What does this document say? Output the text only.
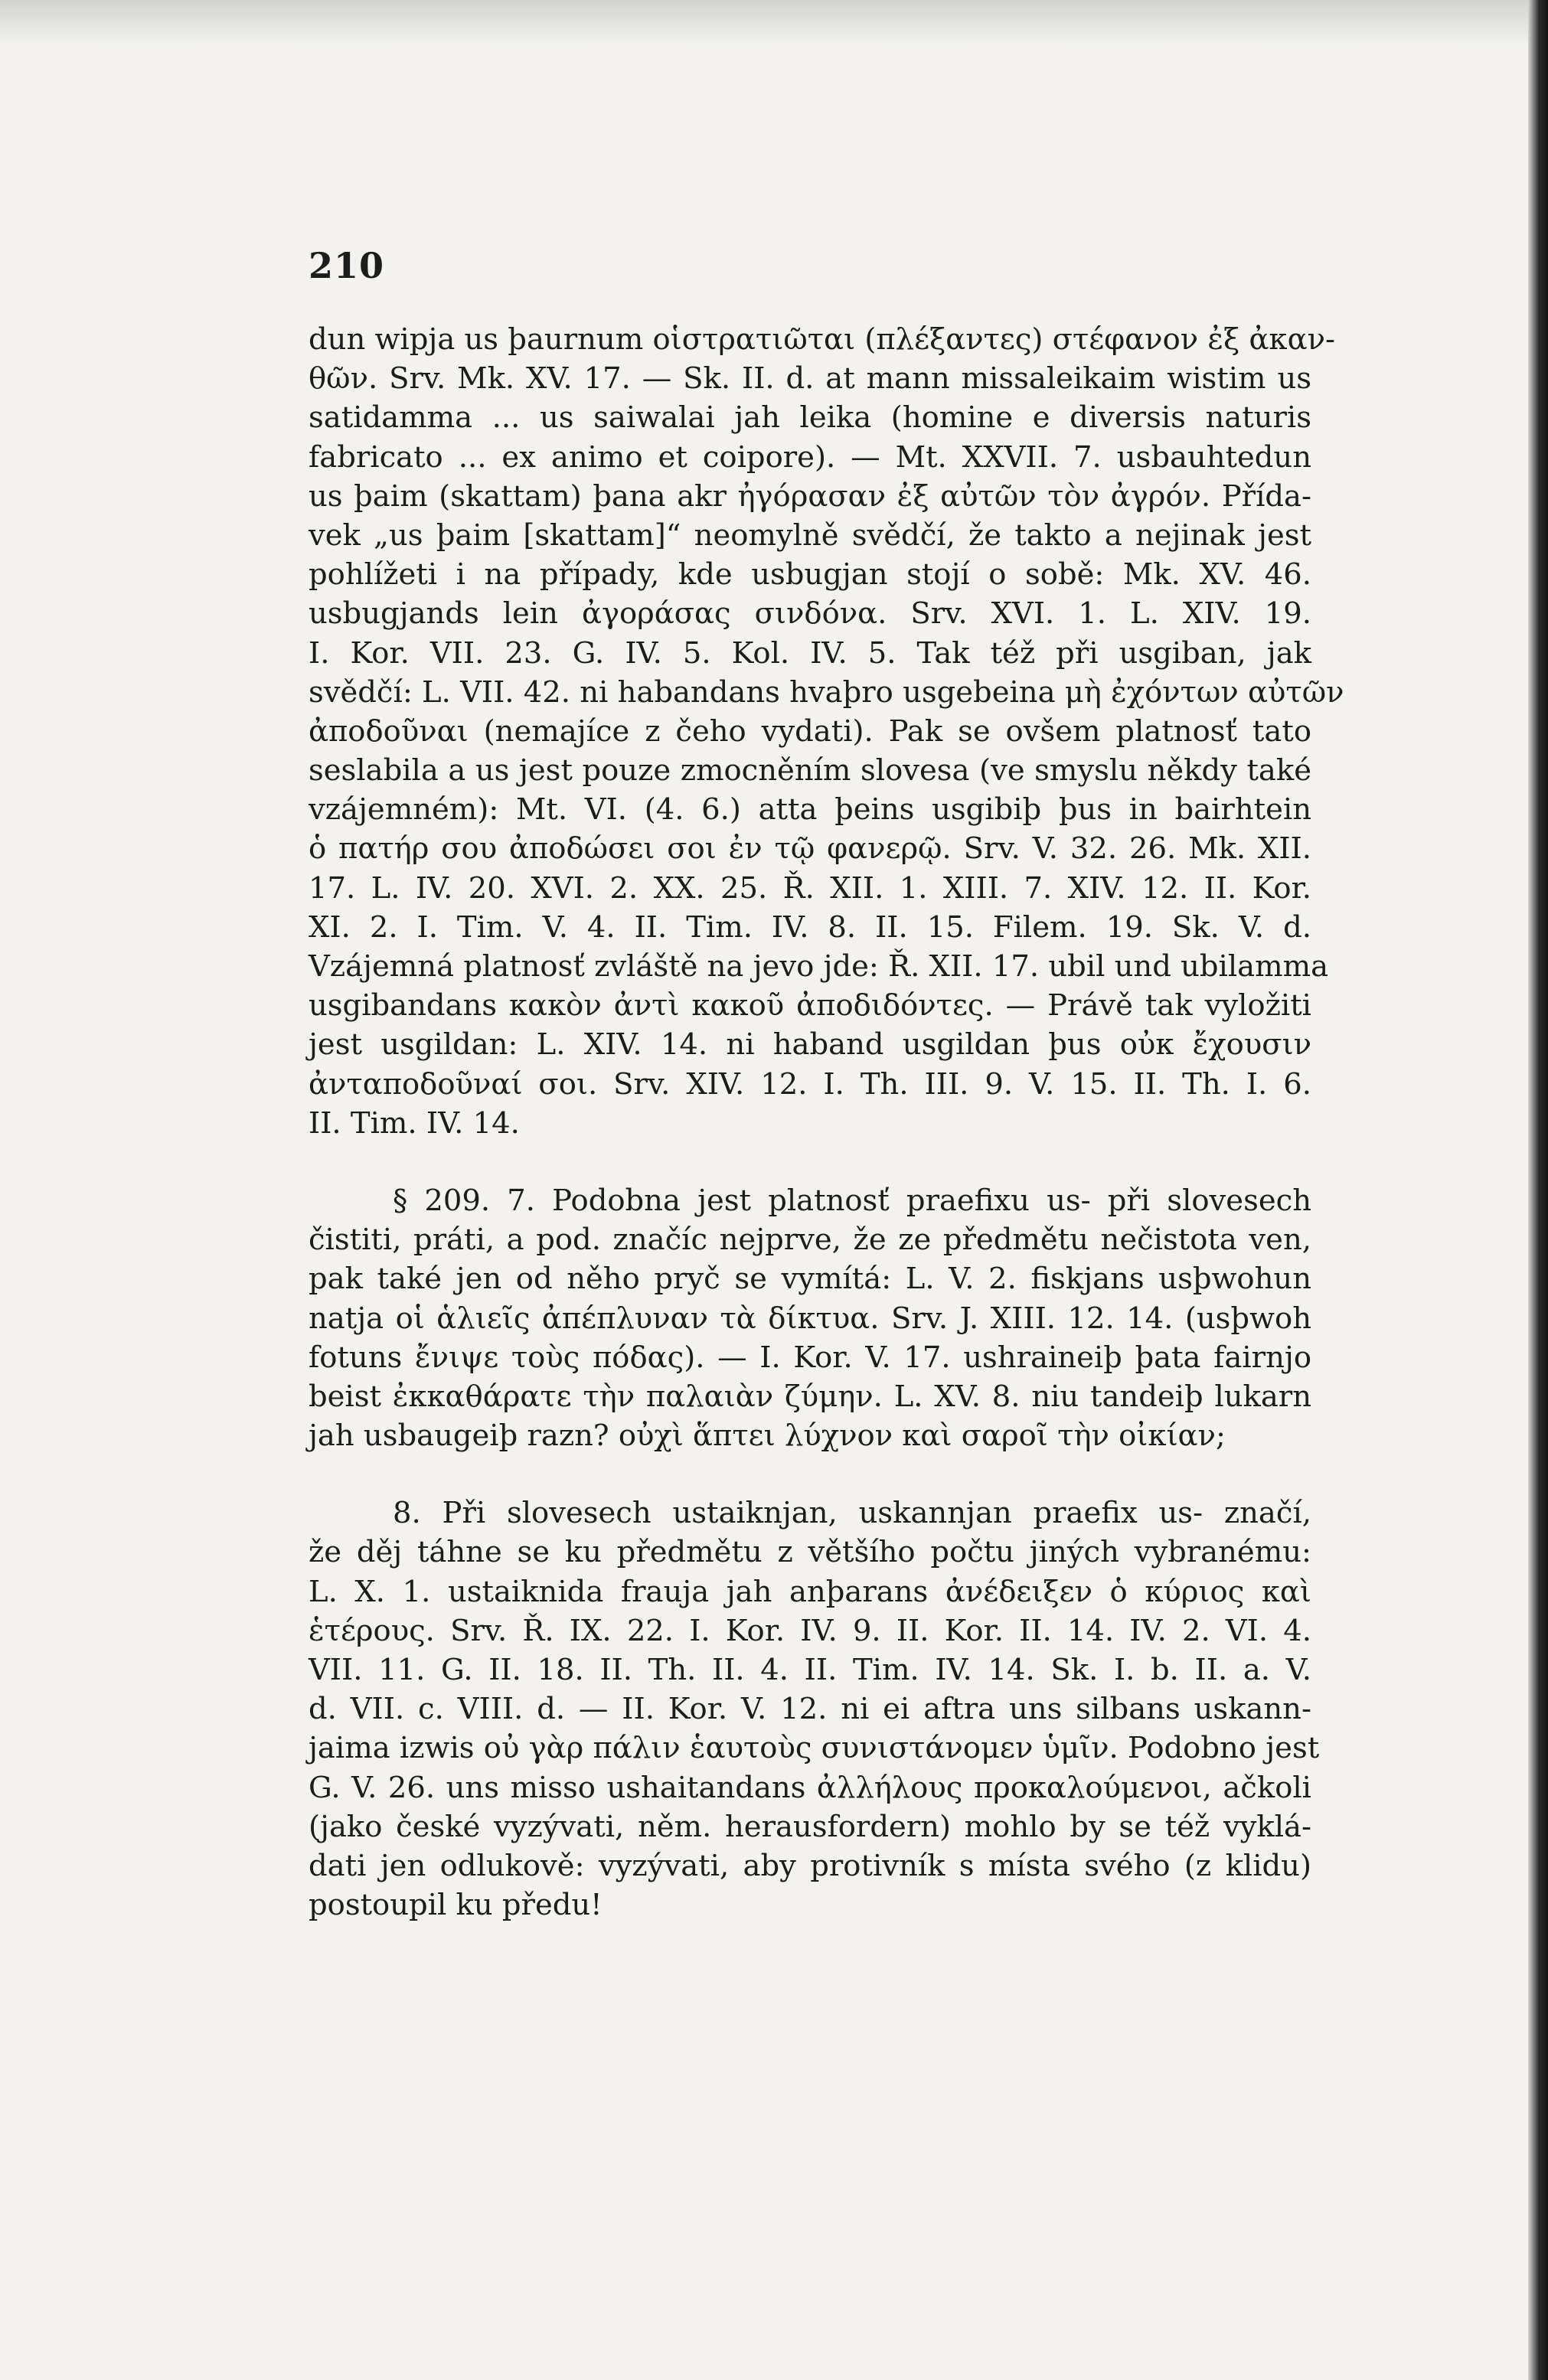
210
dun wipja us þaurnum οἱστρατιῶται (πλέξαντες) στέφανον ἐξ ἀκαν-
θῶν. Srv. Mk. XV. 17. — Sk. II. d. at mann missaleikaim wistim us
satidamma ... us saiwalai jah leika (homine e diversis naturis
fabricato ... ex animo et coipore). — Mt. XXVII. 7. usbauhtedun
us þaim (skattam) þana akr ἠγόρασαν ἐξ αὐτῶν τὸν ἀγρόν. Přída-
vek „us þaim [skattam]“ neomylně svědčí, že takto a nejinak jest
pohlížeti i na případy, kde usbugjan stojí o sobě: Mk. XV. 46.
usbugjands lein ἀγοράσας σινδόνα. Srv. XVI. 1. L. XIV. 19.
I. Kor. VII. 23. G. IV. 5. Kol. IV. 5. Tak též při usgiban, jak
svědčí: L. VII. 42. ni habandans hvaþro usgebeina μὴ ἐχόντων αὐτῶν
ἀποδοῦναι (nemajíce z čeho vydati). Pak se ovšem platnosť tato
seslabila a us jest pouze zmocněním slovesa (ve smyslu někdy také
vzájemném): Mt. VI. (4. 6.) atta þeins usgibiþ þus in bairhtein
ὁ πατήρ σου ἀποδώσει σοι ἐν τῷ φανερῷ. Srv. V. 32. 26. Mk. XII.
17. L. IV. 20. XVI. 2. XX. 25. Ř. XII. 1. XIII. 7. XIV. 12. II. Kor.
XI. 2. I. Tim. V. 4. II. Tim. IV. 8. II. 15. Filem. 19. Sk. V. d.
Vzájemná platnosť zvláště na jevo jde: Ř. XII. 17. ubil und ubilamma
usgibandans κακὸν ἀντὶ κακοῦ ἀποδιδόντες. — Právě tak vyložiti
jest usgildan: L. XIV. 14. ni haband usgildan þus οὐκ ἔχουσιν
ἀνταποδοῦναί σοι. Srv. XIV. 12. I. Th. III. 9. V. 15. II. Th. I. 6.
II. Tim. IV. 14.
§ 209. 7. Podobna jest platnosť praefixu us- při slovesech
čistiti, práti, a pod. značíc nejprve, že ze předmětu nečistota ven,
pak také jen od něho pryč se vymítá: L. V. 2. fiskjans usþwohun
natja οἱ ἁλιεῖς ἀπέπλυναν τὰ δίκτυα. Srv. J. XIII. 12. 14. (usþwoh
fotuns ἔνιψε τοὺς πόδας). — I. Kor. V. 17. ushraineiþ þata fairnjo
beist ἐκκαθάρατε τὴν παλαιὰν ζύμην. L. XV. 8. niu tandeiþ lukarn
jah usbaugeiþ razn? οὐχὶ ἅπτει λύχνον καὶ σαροῖ τὴν οἰκίαν;
8. Při slovesech ustaiknjan, uskannjan praefix us- značí,
že děj táhne se ku předmětu z většího počtu jiných vybranému:
L. X. 1. ustaiknida frauja jah anþarans ἀνέδειξεν ὁ κύριος καὶ
ἑτέρους. Srv. Ř. IX. 22. I. Kor. IV. 9. II. Kor. II. 14. IV. 2. VI. 4.
VII. 11. G. II. 18. II. Th. II. 4. II. Tim. IV. 14. Sk. I. b. II. a. V.
d. VII. c. VIII. d. — II. Kor. V. 12. ni ei aftra uns silbans uskann-
jaima izwis οὐ γὰρ πάλιν ἑαυτοὺς συνιστάνομεν ὑμῖν. Podobno jest
G. V. 26. uns misso ushaitandans ἀλλήλους προκαλούμενοι, ačkoli
(jako české vyzývati, něm. herausfordern) mohlo by se též vyklá-
dati jen odlukově: vyzývati, aby protivník s místa svého (z klidu)
postoupil ku předu!
